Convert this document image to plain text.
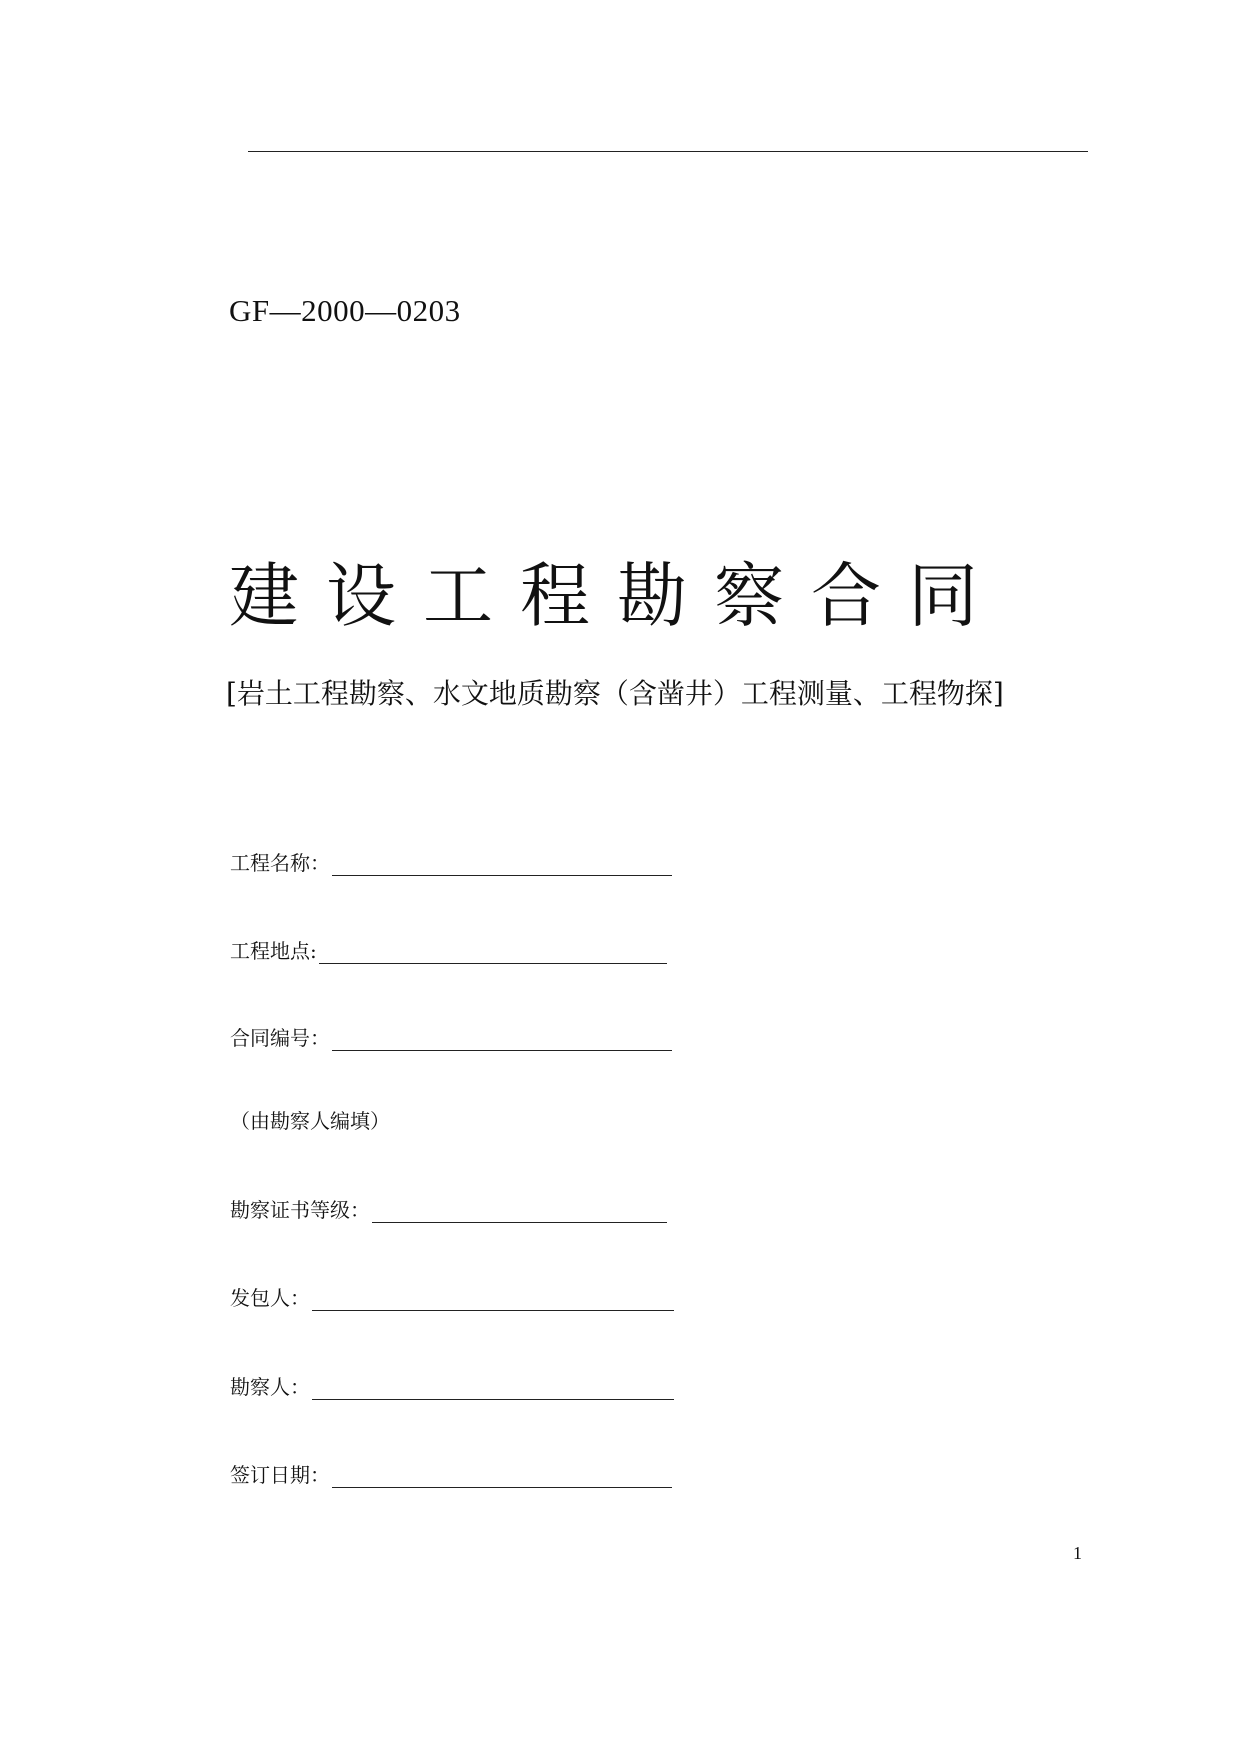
GF—2000—0203
建设工程勘察合同
[岩土工程勘察、水文地质勘察（含凿井）工程测量、工程物探]
工程名称：
工程地点:
合同编号：
（由勘察人编填）
勘察证书等级：
发包人：
勘察人：
签订日期：
1
